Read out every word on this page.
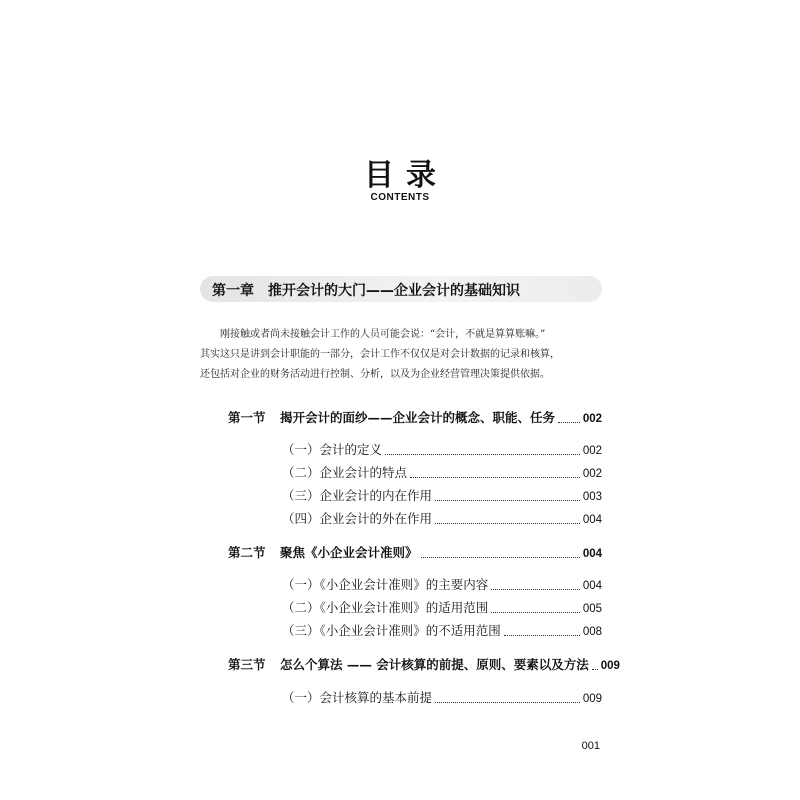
目录
CONTENTS
第一章 推开会计的大门——企业会计的基础知识

刚接触或者尚未接触会计工作的人员可能会说：“会计，不就是算算账嘛。”

其实这只是讲到会计职能的一部分，会计工作不仅仅是对会计数据的记录和核算，

还包括对企业的财务活动进行控制、分析，以及为企业经营管理决策提供依据。

第一节 揭开会计的面纱——企业会计的概念、职能、任务 002
（一）会计的定义	002
（二）企业会计的特点	002
（三）企业会计的内在作用	003
（四）企业会计的外在作用	004
第二节 聚焦《小企业会计准则》	004
（一）《小企业会计准则》的主要内容	004
（二）《小企业会计准则》的适用范围	005
（三）《小企业会计准则》的不适用范围	008
第三节 怎么个算法 —— 会计核算的前提、原则、要素以及方法 009
（一）会计核算的基本前提	009
001
